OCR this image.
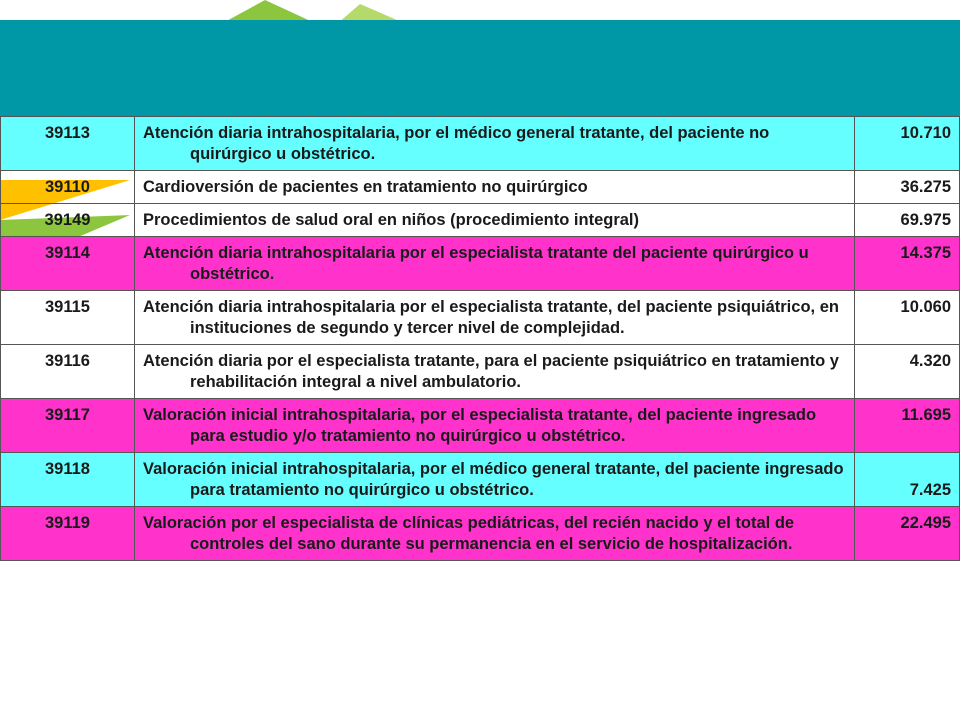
39113	Atención diaria intrahospitalaria, por el médico general tratante, del paciente no quirúrgico u obstétrico.	10.710
39110	Cardioversión de pacientes en tratamiento no quirúrgico	36.275
39149	Procedimientos de salud oral en niños (procedimiento integral)	69.975
39114	Atención diaria intrahospitalaria por el especialista tratante del paciente quirúrgico u obstétrico.	14.375
39115	Atención diaria intrahospitalaria por el especialista tratante, del paciente psiquiátrico, en instituciones de segundo y tercer nivel de complejidad.	10.060
39116	Atención diaria por el especialista tratante, para el paciente psiquiátrico en tratamiento y rehabilitación integral a nivel ambulatorio.	4.320
39117	Valoración inicial intrahospitalaria, por el especialista tratante, del paciente ingresado para estudio y/o tratamiento no quirúrgico u obstétrico.	11.695
39118	Valoración inicial intrahospitalaria, por el médico general tratante, del paciente ingresado para tratamiento no quirúrgico u obstétrico.	7.425
39119	Valoración por el especialista de clínicas pediátricas, del recién nacido y el total de controles del sano durante su permanencia en el servicio de hospitalización.	22.495
